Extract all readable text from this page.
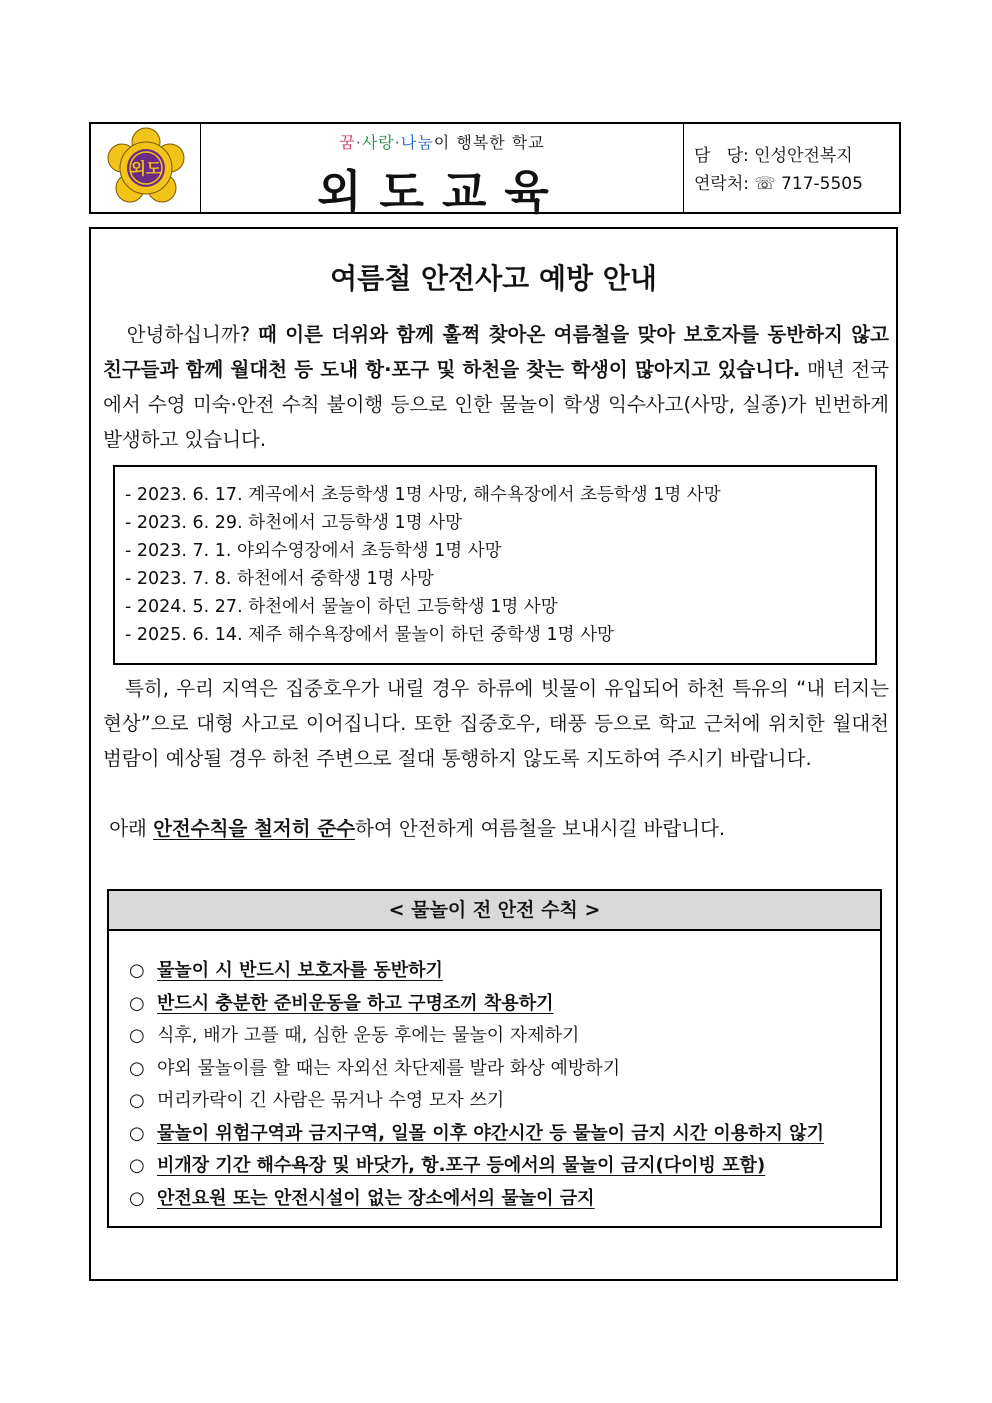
외도
꿈·사랑·나눔이 행복한 학교
외도교육
담   당: 인성안전복지
연락처: ☏ 717-5505
여름철 안전사고 예방 안내
안녕하십니까? 때 이른 더위와 함께 훌쩍 찾아온 여름철을 맞아 보호자를 동반하지 않고 친구들과 함께 월대천 등 도내 항·포구 및 하천을 찾는 학생이 많아지고 있습니다. 매년 전국에서 수영 미숙·안전 수칙 불이행 등으로 인한 물놀이 학생 익수사고(사망, 실종)가 빈번하게 발생하고 있습니다.
- 2023. 6. 17. 계곡에서 초등학생 1명 사망, 해수욕장에서 초등학생 1명 사망
- 2023. 6. 29. 하천에서 고등학생 1명 사망
- 2023. 7. 1. 야외수영장에서 초등학생 1명 사망
- 2023. 7. 8. 하천에서 중학생 1명 사망
- 2024. 5. 27. 하천에서 물놀이 하던 고등학생 1명 사망
- 2025. 6. 14. 제주 해수욕장에서 물놀이 하던 중학생 1명 사망
특히, 우리 지역은 집중호우가 내릴 경우 하류에 빗물이 유입되어 하천 특유의 “내 터지는 현상”으로 대형 사고로 이어집니다. 또한 집중호우, 태풍 등으로 학교 근처에 위치한 월대천 범람이 예상될 경우 하천 주변으로 절대 통행하지 않도록 지도하여 주시기 바랍니다.
아래 안전수칙을 철저히 준수하여 안전하게 여름철을 보내시길 바랍니다.
< 물놀이 전 안전 수칙 >
○ 물놀이 시 반드시 보호자를 동반하기
○ 반드시 충분한 준비운동을 하고 구명조끼 착용하기
○ 식후, 배가 고플 때, 심한 운동 후에는 물놀이 자제하기
○ 야외 물놀이를 할 때는 자외선 차단제를 발라 화상 예방하기
○ 머리카락이 긴 사람은 묶거나 수영 모자 쓰기
○ 물놀이 위험구역과 금지구역, 일몰 이후 야간시간 등 물놀이 금지 시간 이용하지 않기
○ 비개장 기간 해수욕장 및 바닷가, 항.포구 등에서의 물놀이 금지(다이빙 포함)
○ 안전요원 또는 안전시설이 없는 장소에서의 물놀이 금지
